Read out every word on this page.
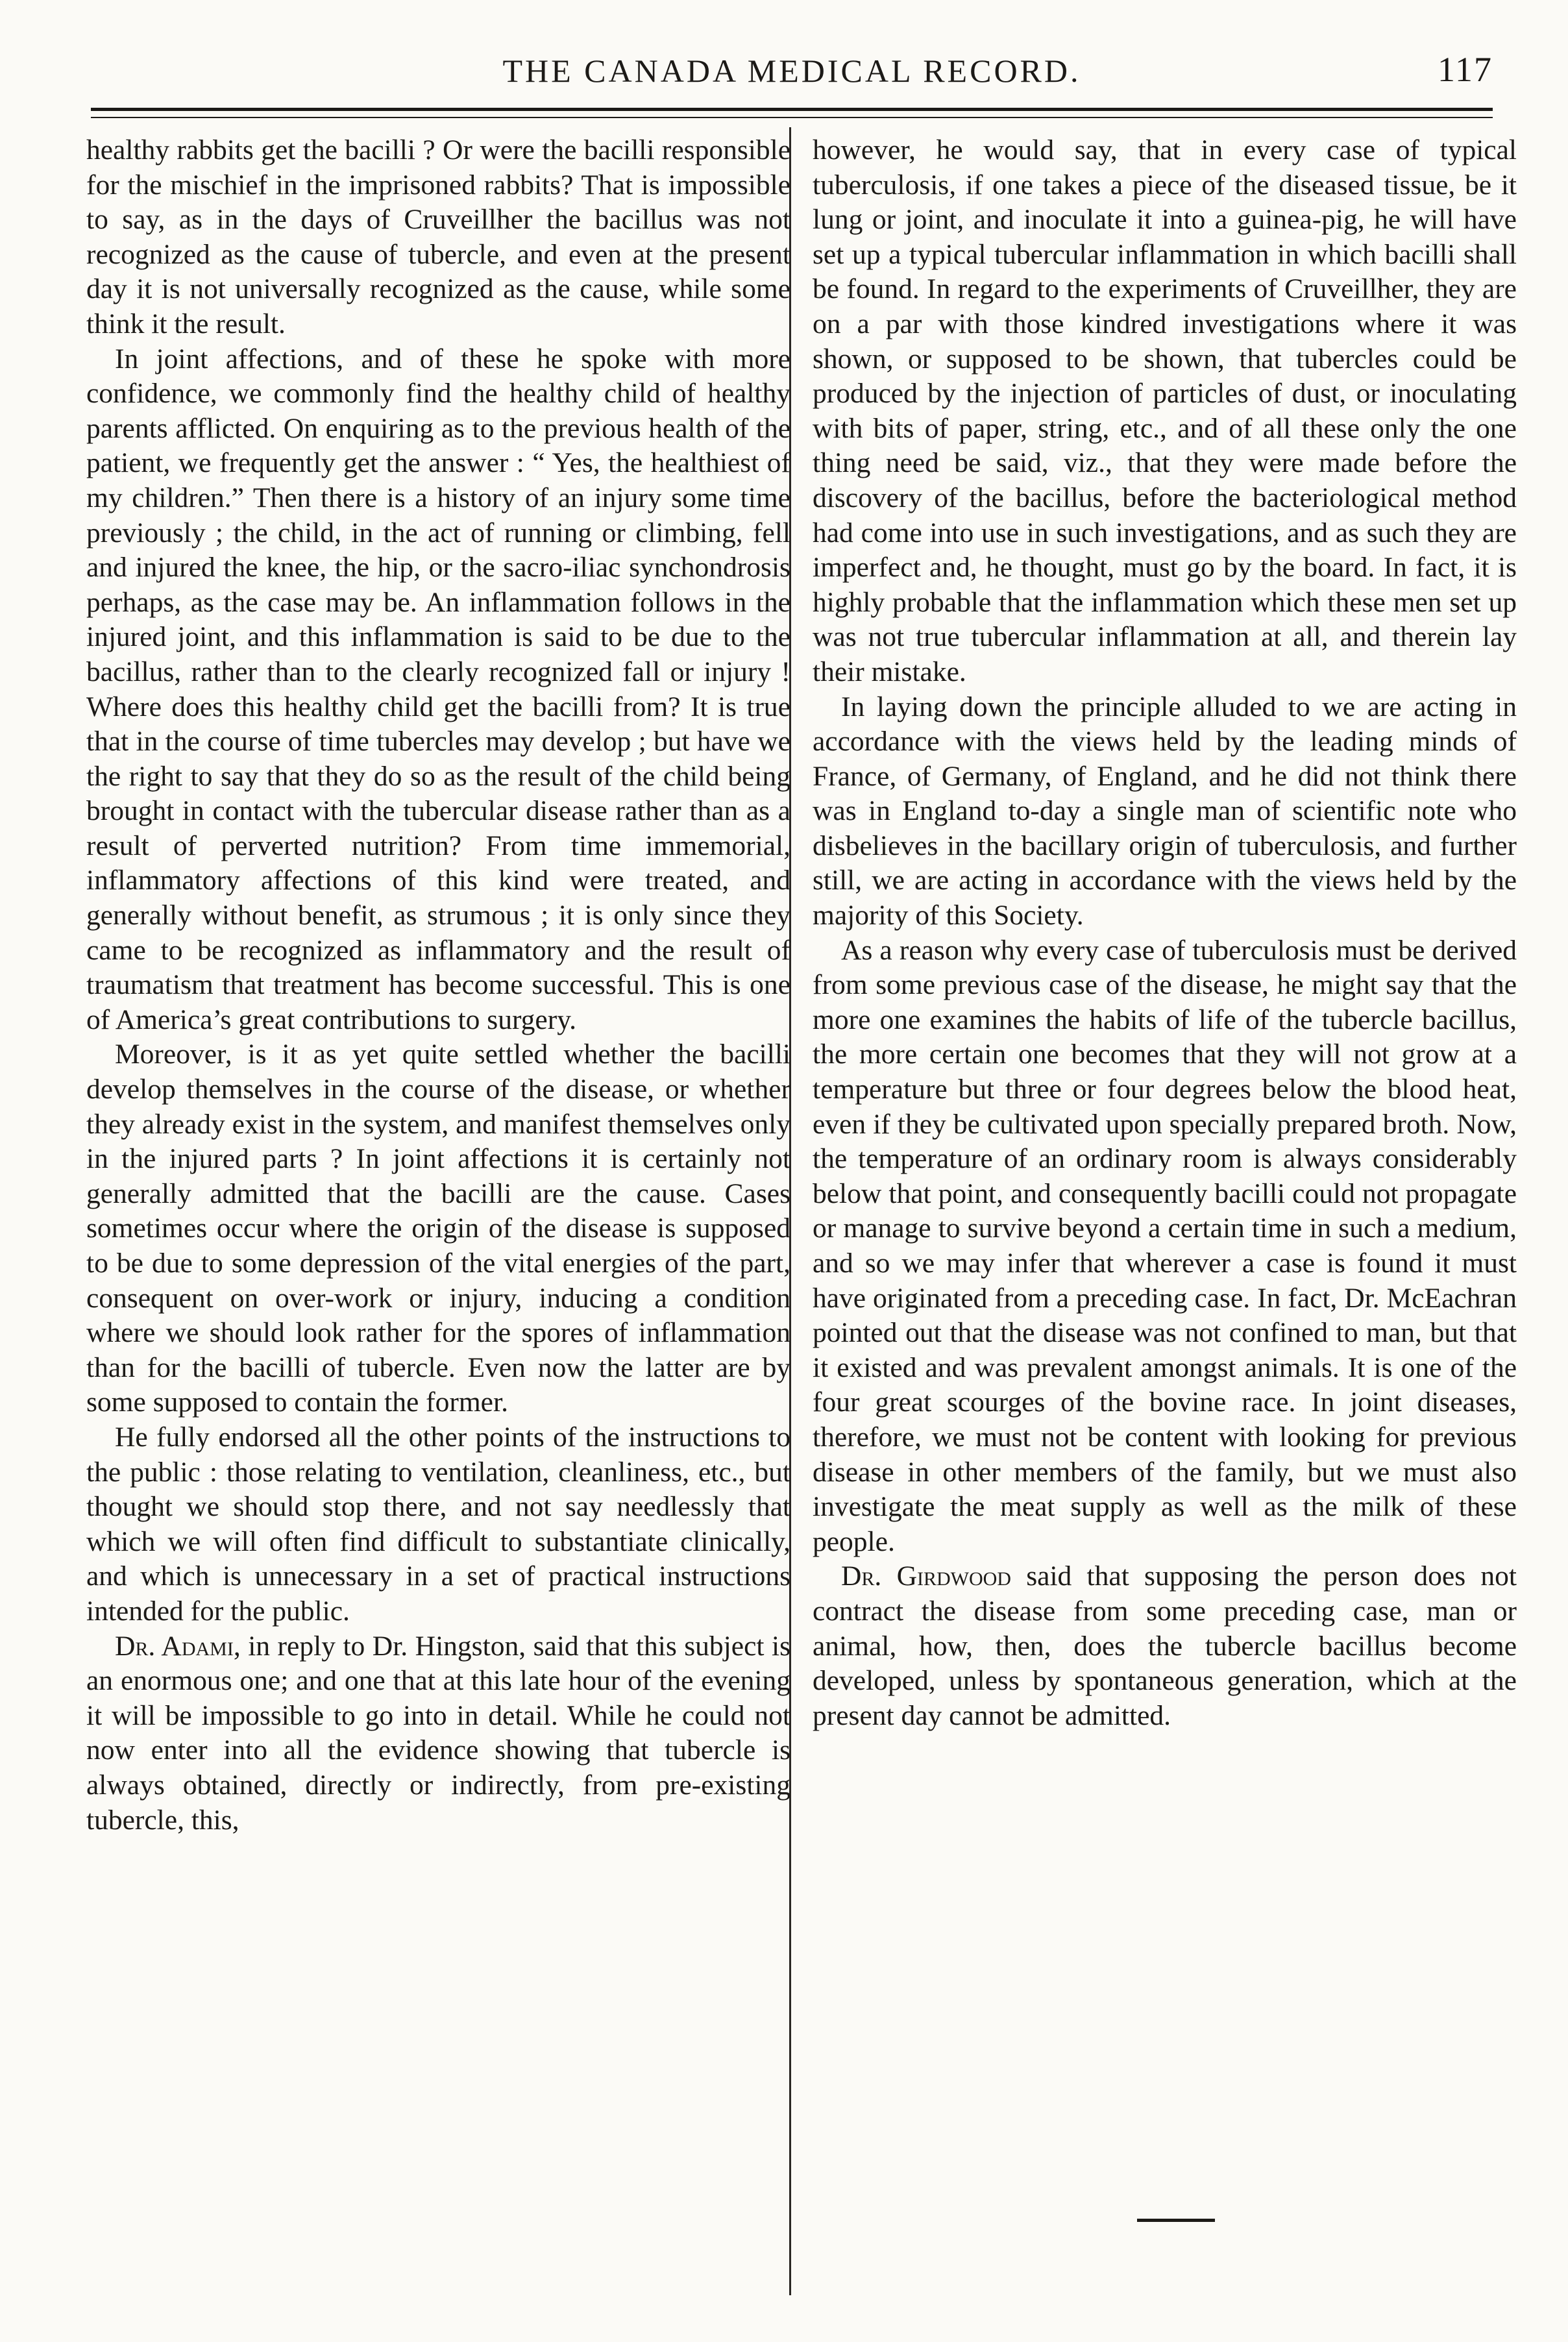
THE CANADA MEDICAL RECORD.	117

healthy rabbits get the bacilli ? Or were the bacilli responsible for the mischief in the imprisoned rabbits? That is impossible to say, as in the days of Cruveillher the bacillus was not recognized as the cause of tubercle, and even at the present day it is not universally recognized as the cause, while some think it the result.

In joint affections, and of these he spoke with more confidence, we commonly find the healthy child of healthy parents afflicted. On enquiring as to the previous health of the patient, we frequently get the answer : “ Yes, the healthiest of my children.” Then there is a history of an injury some time previously ; the child, in the act of running or climbing, fell and injured the knee, the hip, or the sacro-iliac synchondrosis perhaps, as the case may be. An inflammation follows in the injured joint, and this inflammation is said to be due to the bacillus, rather than to the clearly recognized fall or injury ! Where does this healthy child get the bacilli from? It is true that in the course of time tubercles may develop ; but have we the right to say that they do so as the result of the child being brought in contact with the tubercular disease rather than as a result of perverted nutrition? From time immemorial, inflammatory affections of this kind were treated, and generally without benefit, as strumous ; it is only since they came to be recognized as inflammatory and the result of traumatism that treatment has become successful. This is one of America’s great contributions to surgery.

Moreover, is it as yet quite settled whether the bacilli develop themselves in the course of the disease, or whether they already exist in the system, and manifest themselves only in the injured parts ? In joint affections it is certainly not generally admitted that the bacilli are the cause. Cases sometimes occur where the origin of the disease is supposed to be due to some depression of the vital energies of the part, consequent on over-work or injury, inducing a condition where we should look rather for the spores of inflammation than for the bacilli of tubercle. Even now the latter are by some supposed to contain the former.

He fully endorsed all the other points of the instructions to the public : those relating to ventilation, cleanliness, etc., but thought we should stop there, and not say needlessly that which we will often find difficult to substantiate clinically, and which is unnecessary in a set of practical instructions intended for the public.

Dr. Adami, in reply to Dr. Hingston, said that this subject is an enormous one; and one that at this late hour of the evening it will be impossible to go into in detail. While he could not now enter into all the evidence showing that tubercle is always obtained, directly or indirectly, from pre-existing tubercle, this,

however, he would say, that in every case of typical tuberculosis, if one takes a piece of the diseased tissue, be it lung or joint, and inoculate it into a guinea-pig, he will have set up a typical tubercular inflammation in which bacilli shall be found. In regard to the experiments of Cruveillher, they are on a par with those kindred investigations where it was shown, or supposed to be shown, that tubercles could be produced by the injection of particles of dust, or inoculating with bits of paper, string, etc., and of all these only the one thing need be said, viz., that they were made before the discovery of the bacillus, before the bacteriological method had come into use in such investigations, and as such they are imperfect and, he thought, must go by the board. In fact, it is highly probable that the inflammation which these men set up was not true tubercular inflammation at all, and therein lay their mistake.

In laying down the principle alluded to we are acting in accordance with the views held by the leading minds of France, of Germany, of England, and he did not think there was in England to-day a single man of scientific note who disbelieves in the bacillary origin of tuberculosis, and further still, we are acting in accordance with the views held by the majority of this Society.

As a reason why every case of tuberculosis must be derived from some previous case of the disease, he might say that the more one examines the habits of life of the tubercle bacillus, the more certain one becomes that they will not grow at a temperature but three or four degrees below the blood heat, even if they be cultivated upon specially prepared broth. Now, the temperature of an ordinary room is always considerably below that point, and consequently bacilli could not propagate or manage to survive beyond a certain time in such a medium, and so we may infer that wherever a case is found it must have originated from a preceding case. In fact, Dr. McEachran pointed out that the disease was not confined to man, but that it existed and was prevalent amongst animals. It is one of the four great scourges of the bovine race. In joint diseases, therefore, we must not be content with looking for previous disease in other members of the family, but we must also investigate the meat supply as well as the milk of these people.

Dr. Girdwood said that supposing the person does not contract the disease from some preceding case, man or animal, how, then, does the tubercle bacillus become developed, unless by spontaneous generation, which at the present day cannot be admitted.
